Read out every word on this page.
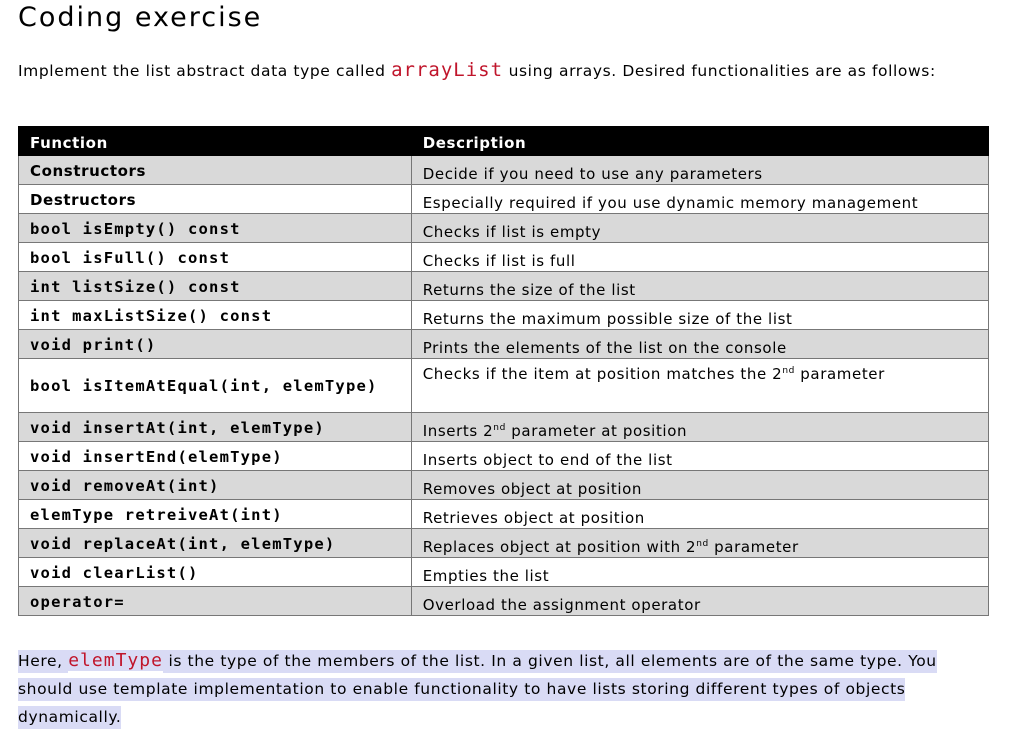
Coding exercise

Implement the list abstract data type called arrayList using arrays. Desired functionalities are as follows:

Function	Description
Constructors	Decide if you need to use any parameters
Destructors	Especially required if you use dynamic memory management
bool isEmpty() const	Checks if list is empty
bool isFull() const	Checks if list is full
int listSize() const	Returns the size of the list
int maxListSize() const	Returns the maximum possible size of the list
void print()	Prints the elements of the list on the console
bool isItemAtEqual(int, elemType)	Checks if the item at position matches the 2nd parameter
void insertAt(int, elemType)	Inserts 2nd parameter at position
void insertEnd(elemType)	Inserts object to end of the list
void removeAt(int)	Removes object at position
elemType retreiveAt(int)	Retrieves object at position
void replaceAt(int, elemType)	Replaces object at position with 2nd parameter
void clearList()	Empties the list
operator=	Overload the assignment operator

Here, elemType is the type of the members of the list. In a given list, all elements are of the same type. You should use template implementation to enable functionality to have lists storing different types of objects dynamically.
